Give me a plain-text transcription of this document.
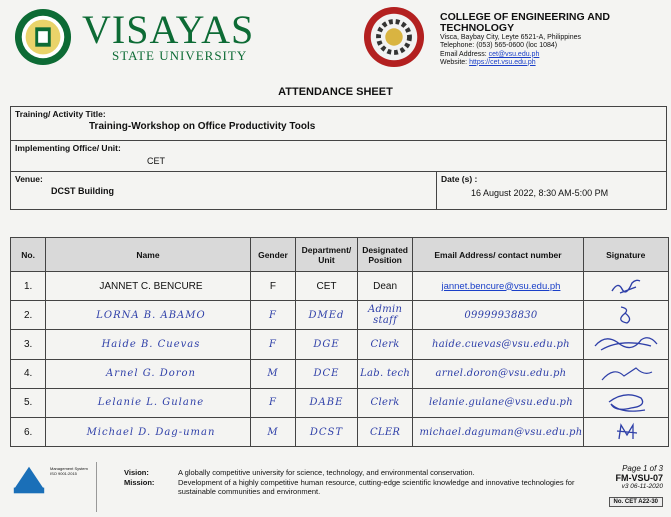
VISAYAS
STATE UNIVERSITY
COLLEGE OF ENGINEERING AND
TECHNOLOGY
Visca, Baybay City, Leyte 6521-A, Philippines
Telephone: (053) 565-0600 (loc 1084)
Email Address: cet@vsu.edu.ph
Website: https://cet.vsu.edu.ph
ATTENDANCE SHEET
Training/ Activity Title:
Training-Workshop on Office Productivity Tools
Implementing Office/ Unit:
CET
Venue:
DCST Building
Date (s) :
16 August 2022, 8:30 AM-5:00 PM
No.	Name	Gender	Department/ Unit	Designated Position	Email Address/ contact number	Signature
1.	JANNET C. BENCURE	F	CET	Dean	jannet.bencure@vsu.edu.ph	

2.	LORNA B. ABAMO	F	DMEd	Admin staff	09999938830	

3.	Haide B. Cuevas	F	DGE	Clerk	haide.cuevas@vsu.edu.ph	

4.	Arnel G. Doron	M	DCE	Lab. tech	arnel.doron@vsu.edu.ph	

5.	Lelanie L. Gulane	F	DABE	Clerk	lelanie.gulane@vsu.edu.ph	

6.	Michael D. Dag-uman	M	DCST	CLER	michael.daguman@vsu.edu.ph	
Management System ISO 9001:2015	Vision:	A globally competitive university for science, technology, and environmental conservation.
Mission:	Development of a highly competitive human resource, cutting-edge scientific knowledge and innovative technologies for sustainable communities and environment.
Page 1 of 3
FM-VSU-07
v3 06-11-2020
No. CET A22-30
